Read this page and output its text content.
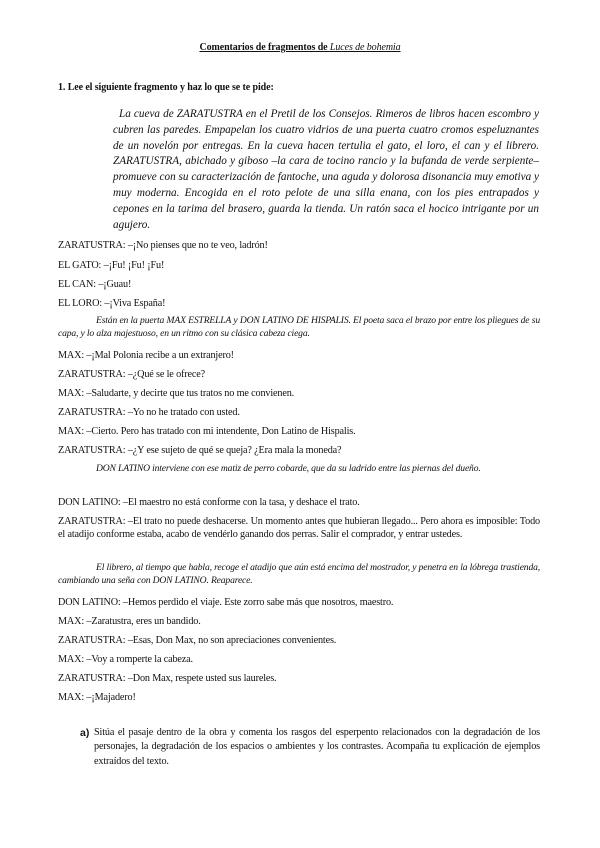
Comentarios de fragmentos de Luces de bohemia
1. Lee el siguiente fragmento y haz lo que se te pide:
La cueva de ZARATUSTRA en el Pretil de los Consejos. Rimeros de libros hacen escombro y cubren las paredes. Empapelan los cuatro vidrios de una puerta cuatro cromos espeluznantes de un novelón por entregas. En la cueva hacen tertulia el gato, el loro, el can y el librero. ZARATUSTRA, abichado y giboso –la cara de tocino rancio y la bufanda de verde serpiente– promueve con su caracterización de fantoche, una aguda y dolorosa disonancia muy emotiva y muy moderna. Encogida en el roto pelote de una silla enana, con los pies entrapados y cepones en la tarima del brasero, guarda la tienda. Un ratón saca el hocico intrigante por un agujero.
ZARATUSTRA: –¡No pienses que no te veo, ladrón!
EL GATO: –¡Fu! ¡Fu! ¡Fu!
EL CAN: –¡Guau!
EL LORO: –¡Viva España!
Están en la puerta MAX ESTRELLA y DON LATINO DE HISPALIS. El poeta saca el brazo por entre los pliegues de su capa, y lo alza majestuoso, en un ritmo con su clásica cabeza ciega.
MAX: –¡Mal Polonia recibe a un extranjero!
ZARATUSTRA: –¿Qué se le ofrece?
MAX: –Saludarte, y decirte que tus tratos no me convienen.
ZARATUSTRA: –Yo no he tratado con usted.
MAX: –Cierto. Pero has tratado con mi intendente, Don Latino de Hispalis.
ZARATUSTRA: –¿Y ese sujeto de qué se queja? ¿Era mala la moneda?
DON LATINO interviene con ese matiz de perro cobarde, que da su ladrido entre las piernas del dueño.
DON LATINO: –El maestro no está conforme con la tasa, y deshace el trato.
ZARATUSTRA: –El trato no puede deshacerse. Un momento antes que hubieran llegado... Pero ahora es imposible: Todo el atadijo conforme estaba, acabo de vendérlo ganando dos perras. Salir el comprador, y entrar ustedes.
El librero, al tiempo que habla, recoge el atadijo que aún está encima del mostrador, y penetra en la lóbrega trastienda, cambiando una seña con DON LATINO. Reaparece.
DON LATINO: –Hemos perdido el viaje. Este zorro sabe más que nosotros, maestro.
MAX: –Zaratustra, eres un bandido.
ZARATUSTRA: –Esas, Don Max, no son apreciaciones convenientes.
MAX: –Voy a romperte la cabeza.
ZARATUSTRA: –Don Max, respete usted sus laureles.
MAX: –¡Majadero!
a) Sitúa el pasaje dentro de la obra y comenta los rasgos del esperpento relacionados con la degradación de los personajes, la degradación de los espacios o ambientes y los contrastes. Acompaña tu explicación de ejemplos extraídos del texto.
